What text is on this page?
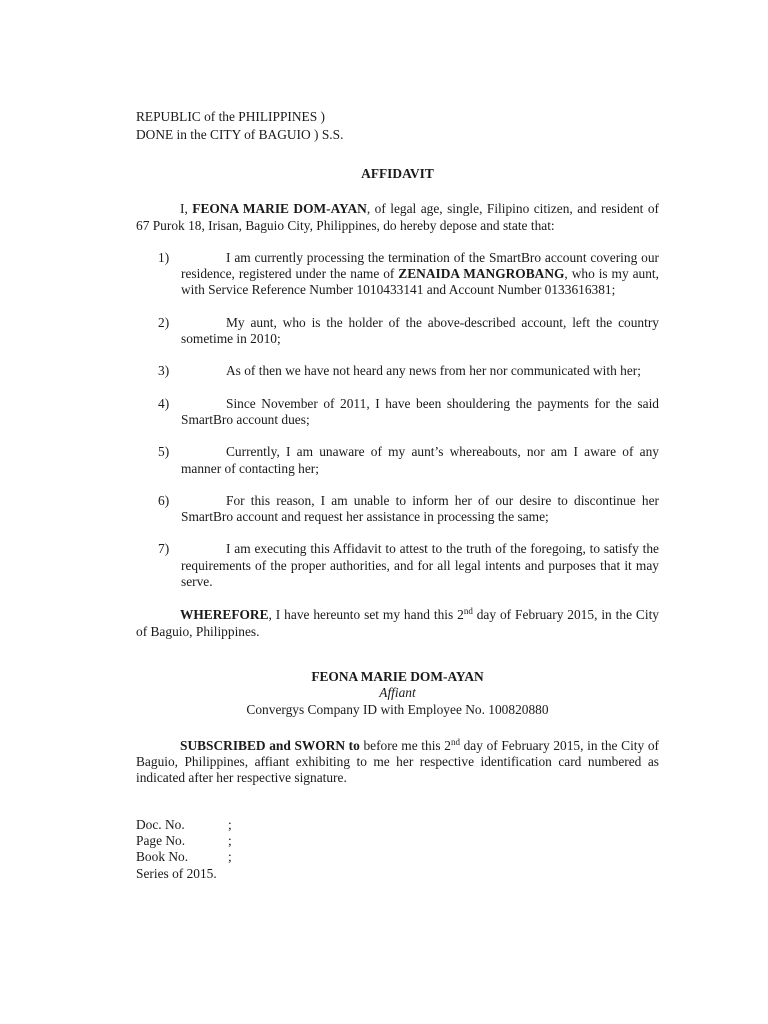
REPUBLIC of the PHILIPPINES )
DONE in the CITY of BAGUIO ) S.S.
AFFIDAVIT
I, FEONA MARIE DOM-AYAN, of legal age, single, Filipino citizen, and resident of 67 Purok 18, Irisan, Baguio City, Philippines, do hereby depose and state that:
1)	I am currently processing the termination of the SmartBro account covering our residence, registered under the name of ZENAIDA MANGROBANG, who is my aunt, with Service Reference Number 1010433141 and Account Number 0133616381;
2)	My aunt, who is the holder of the above-described account, left the country sometime in 2010;
3)	As of then we have not heard any news from her nor communicated with her;
4)	Since November of 2011, I have been shouldering the payments for the said SmartBro account dues;
5)	Currently, I am unaware of my aunt’s whereabouts, nor am I aware of any manner of contacting her;
6)	For this reason, I am unable to inform her of our desire to discontinue her SmartBro account and request her assistance in processing the same;
7)	I am executing this Affidavit to attest to the truth of the foregoing, to satisfy the requirements of the proper authorities, and for all legal intents and purposes that it may serve.
WHEREFORE, I have hereunto set my hand this 2nd day of February 2015, in the City of Baguio, Philippines.
FEONA MARIE DOM-AYAN
Affiant
Convergys Company ID with Employee No. 100820880
SUBSCRIBED and SWORN to before me this 2nd day of February 2015, in the City of Baguio, Philippines, affiant exhibiting to me her respective identification card numbered as indicated after her respective signature.
Doc. No.	;
Page No.	;
Book No.	;
Series of 2015.
